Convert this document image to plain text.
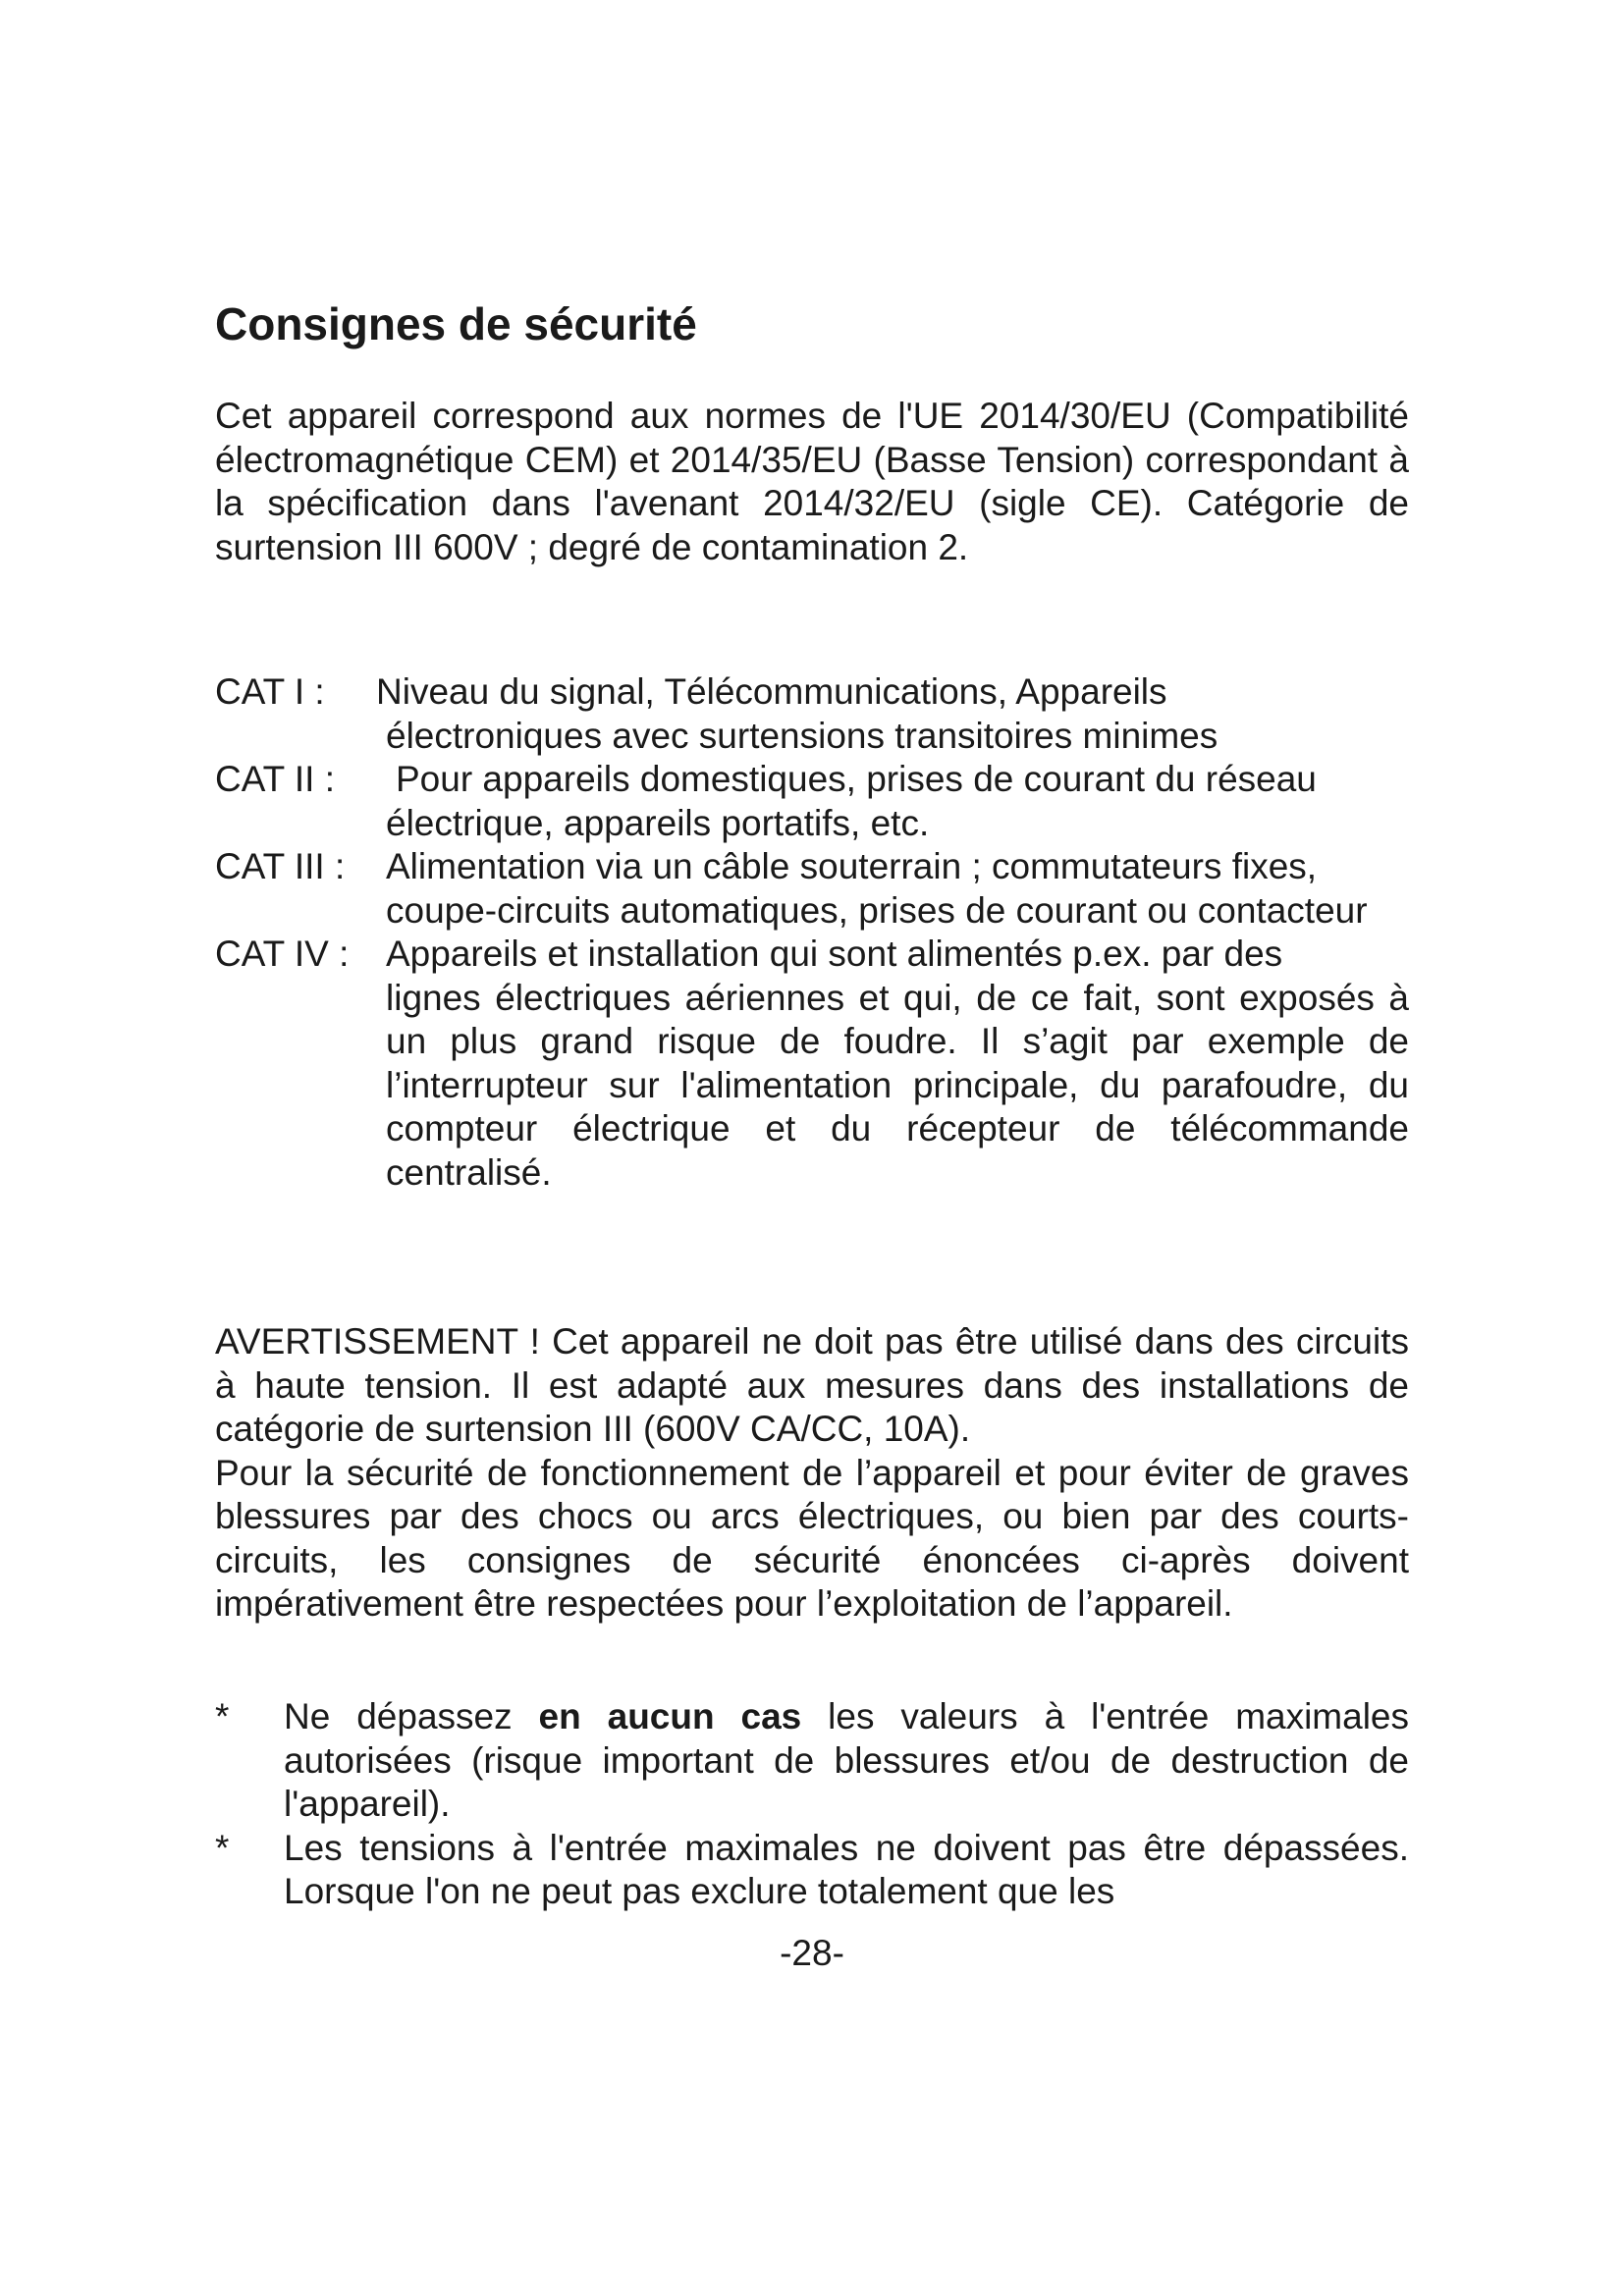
Consignes de sécurité

Cet appareil correspond aux normes de l'UE 2014/30/EU (Compatibilité électromagnétique CEM) et 2014/35/EU (Basse Tension) correspondant à la spécification dans l'avenant 2014/32/EU (sigle CE). Catégorie de surtension III 600V ; degré de contamination 2.

CAT I : Niveau du signal, Télécommunications, Appareils
électroniques avec surtensions transitoires minimes
CAT II : Pour appareils domestiques, prises de courant du réseau
électrique, appareils portatifs, etc.
CAT III : Alimentation via un câble souterrain ; commutateurs fixes,
coupe-circuits automatiques, prises de courant ou contacteur
CAT IV : Appareils et installation qui sont alimentés p.ex. par des
lignes électriques aériennes et qui, de ce fait, sont exposés à un plus grand risque de foudre. Il s’agit par exemple de l’interrupteur sur l'alimentation principale, du parafoudre, du compteur électrique et du récepteur de télécommande centralisé.

AVERTISSEMENT ! Cet appareil ne doit pas être utilisé dans des circuits à haute tension. Il est adapté aux mesures dans des installations de catégorie de surtension III (600V CA/CC, 10A).

Pour la sécurité de fonctionnement de l’appareil et pour éviter de graves blessures par des chocs ou arcs électriques, ou bien par des courts-circuits, les consignes de sécurité énoncées ci-après doivent impérativement être respectées pour l’exploitation de l’appareil.

* Ne dépassez en aucun cas les valeurs à l'entrée maximales autorisées (risque important de blessures et/ou de destruction de l'appareil).
* Les tensions à l'entrée maximales ne doivent pas être dépassées. Lorsque l'on ne peut pas exclure totalement que les
-28-
